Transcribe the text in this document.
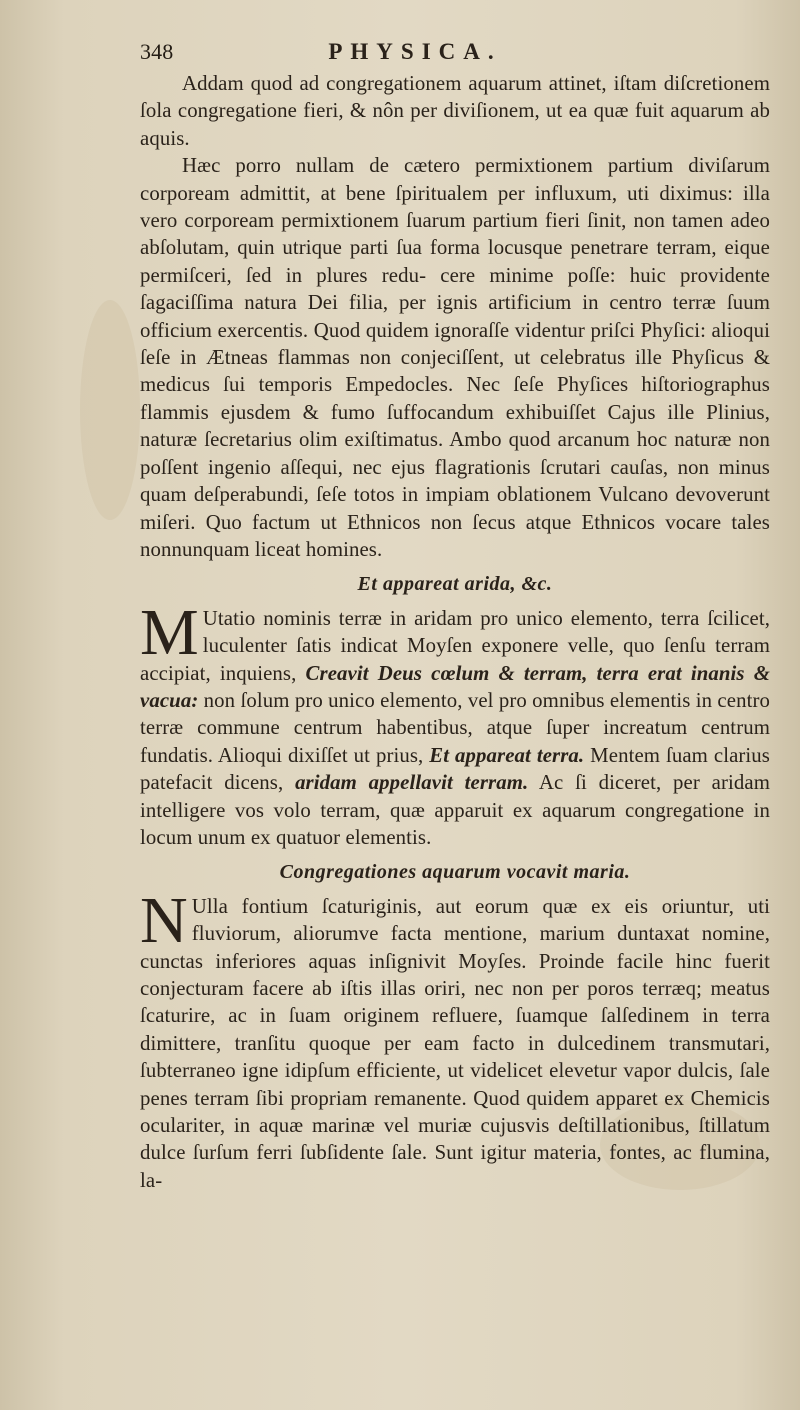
348	PHYSICA.

Addam quod ad congregationem aquarum attinet, iſtam diſcretionem ſola congregatione fieri, & nôn per diviſionem, ut ea quæ fuit aquarum ab aquis.

Hæc porro nullam de cætero permixtionem partium diviſarum corpoream admittit, at bene ſpiritualem per influxum, uti diximus: illa vero corpoream permixtionem ſuarum partium fieri ſinit, non tamen adeo abſolutam, quin utrique parti ſua forma locusque penetrare terram, eique permiſceri, ſed in plures redu- cere minime poſſe: huic providente ſagaciſſima natura Dei filia, per ignis artificium in centro terræ ſuum officium exercentis. Quod quidem ignoraſſe videntur priſci Phyſici: alioqui ſeſe in Ætneas flammas non conjeciſſent, ut celebratus ille Phyſicus & medicus ſui temporis Empedocles. Nec ſeſe Phyſices hiſtoriographus flammis ejusdem & fumo ſuffocandum exhibuiſſet Cajus ille Plinius, naturæ ſecretarius olim exiſtimatus. Ambo quod arcanum hoc naturæ non poſſent ingenio aſſequi, nec ejus flagrationis ſcrutari cauſas, non minus quam deſperabundi, ſeſe totos in impiam oblationem Vulcano devoverunt miſeri. Quo factum ut Ethnicos non ſecus atque Ethnicos vocare tales nonnunquam liceat homines.

Et appareat arida, &c.

M Utatio nominis terræ in aridam pro unico elemento, terra ſcilicet, luculenter ſatis indicat Moyſen exponere velle, quo ſenſu terram accipiat, inquiens, Creavit Deus cœlum & terram, terra erat inanis & vacua: non ſolum pro unico elemento, vel pro omnibus elementis in centro terræ commune centrum habentibus, atque ſuper increatum centrum fundatis. Alioqui dixiſſet ut prius, Et appareat terra. Mentem ſuam clarius patefacit dicens, aridam appellavit terram. Ac ſi diceret, per aridam intelligere vos volo terram, quæ apparuit ex aquarum congregatione in locum unum ex quatuor elementis.

Congregationes aquarum vocavit maria.

N Ulla fontium ſcaturiginis, aut eorum quæ ex eis oriuntur, uti fluviorum, aliorumve facta mentione, marium duntaxat nomine, cunctas inferiores aquas inſignivit Moyſes. Proinde facile hinc fuerit conjecturam facere ab iſtis illas oriri, nec non per poros terræq; meatus ſcaturire, ac in ſuam originem refluere, ſuamque ſalſedinem in terra dimittere, tranſitu quoque per eam facto in dulcedinem transmutari, ſubterraneo igne idipſum efficiente, ut videlicet elevetur vapor dulcis, ſale penes terram ſibi propriam remanente. Quod quidem apparet ex Chemicis oculariter, in aquæ marinæ vel muriæ cujusvis deſtillationibus, ſtillatum dulce ſurſum ferri ſubſidente ſale. Sunt igitur materia, fontes, ac flumina, la-
